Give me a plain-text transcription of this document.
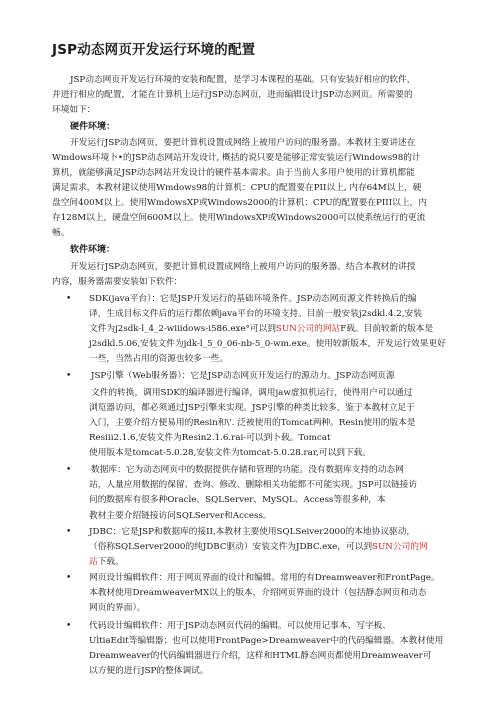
JSP动态网页开发运行环境的配置
JSP动态网页开发运行环境的安装和配置，是学习本课程的基础。只有安装好相应的软件，
并进行相应的配置，才能在计算机上运行JSP动态网页，进而编辑设计JSP动态网页。所需要的
环境如下：
硬件环境：
开发运行JSP动态网页，要把计算机设置成网络上被用户访问的服务器。本教材主要讲述在
Wmdows环境卜•的JSP动态网站开发设计, 概括的说只要是能够正常安装运行Windows98的计
算机，就能够满足JSP动态网站开发设计的硬件基本需求。由于当前人多用户使用的计算机都能
满足需求，本教材建议使用Wmdows98的计算机：CPU的配置要在PII以上, 内存64M以上，硬
盘空间400M以上。使用WmdowsXP或Windows2000的计算机：CPU的配置要在PIII以上，内
存128M以上，硬盘空间600M以上。使用WindowsXP或Windows2000可以使系统运行的更流
畅。
软件环境：
开发运行JSP动态网页，要把计算机设置成网络上被用户访问的服务器。结合本教材的讲授
内容，服务器需要安装如下软件：
• SDK(java平台）：它是JSP开发运行的基础环境条件。JSP动态网页源文件转换后的编
译，生成目标文件后的运行都依赖java平台的环境支持。目前一般安装j2sdkl.4.2,安装
文件为j2sdk-l_4_2-wiiidows-i586.exe°可以到SUN公司的网站F载。目前较新的版本是
j2sdkl.5.06,安装文件为jdk-l_5_0_06-nb-5_0-wm.exe。使用较新版本，开发运行效果更好
一些，当然占用的资源也较多一些。
• JSP引擎（Web服务器）：它是JSP动态网页开发运行的源动力。JSP动态网页源
文件的转换，调用SDK的编译器进行编译，调用jaw虚拟机运行，使得用户可以通过
浏览器访问，都必须通过JSP引擎来实现。JSP引擎的种类比较多，鉴于本教材立足于
入门，主要介绍方便易用的Resin和\'. 泛被使用的Tomcat两种。Resin使用的版本是
Resiii2.1.6,安装文件为Resin2.1.6.rai-可以到卜载。Tomcat
使用版本是tomcat-5.0.28,安装文件为tomcat-5.0.28.rar,可以到下载。
• 数据库：它为动态网页中的数据提供存储和管理的功能。没有数据库支持的动态网
站，人量应用数据的保留、查询、修改、删除相关功能都不可能实现。JSP可以链接访
问的数据库有很多种Oracle、SQLServer、MySQL、Access等很多种，本
教材主要介绍链接访问SQLServer和Access。
• JDBC：它是JSP和数据库的接II,本教材主要使用SQLSeiver2000的本地协议驱动，
（俗称SQLServer2000的纯JDBC驱动）安装文件为JDBC.exe，可以到SUN公司的网
站下载。
• 网页设计编辑软件：用于网页界面的设计和编辑。常用的有Dreamweaver和FrontPage。
本教材使用DreamweaverMX以上的版本，介绍网页界面的设计（包括静态网页和动态
网页的界面）。
• 代码设计编辑软件：用于JSP动态网页代码的编辑。可以使用记事本、写字板、
UltiaEdit等编辑器；也可以使用FrontPage>Dreamweaver中的代码编辑器。本教材使用
Dreamweaver的代码编辑器进行介绍，这样和HTML静态网页都使用Dreamweaver可
以方便的进行JSP的整体调试。
